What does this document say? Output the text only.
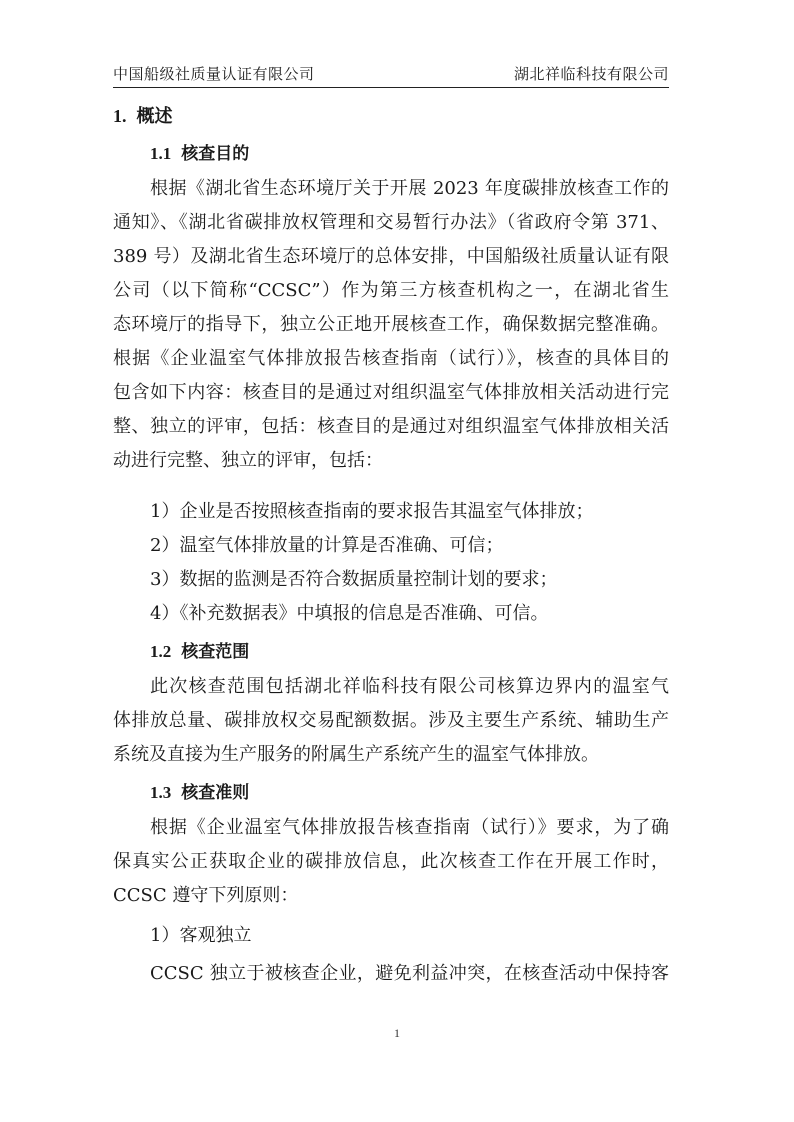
中国船级社质量认证有限公司	湖北祥临科技有限公司
1. 概述
1.1 核查目的
根据《湖北省生态环境厅关于开展 2023 年度碳排放核查工作的
通知》、《湖北省碳排放权管理和交易暂行办法》（省政府令第 371、
389 号）及湖北省生态环境厅的总体安排，中国船级社质量认证有限
公司（以下简称“CCSC”）作为第三方核查机构之一，在湖北省生
态环境厅的指导下，独立公正地开展核查工作，确保数据完整准确。
根据《企业温室气体排放报告核查指南（试行）》，核查的具体目的
包含如下内容：核查目的是通过对组织温室气体排放相关活动进行完
整、独立的评审，包括：核查目的是通过对组织温室气体排放相关活
动进行完整、独立的评审，包括：
1）企业是否按照核查指南的要求报告其温室气体排放；
2）温室气体排放量的计算是否准确、可信；
3）数据的监测是否符合数据质量控制计划的要求；
4）《补充数据表》中填报的信息是否准确、可信。
1.2 核查范围
此次核查范围包括湖北祥临科技有限公司核算边界内的温室气
体排放总量、碳排放权交易配额数据。涉及主要生产系统、辅助生产
系统及直接为生产服务的附属生产系统产生的温室气体排放。
1.3 核查准则
根据《企业温室气体排放报告核查指南（试行）》要求，为了确
保真实公正获取企业的碳排放信息，此次核查工作在开展工作时，
CCSC 遵守下列原则：
1）客观独立
CCSC 独立于被核查企业，避免利益冲突，在核查活动中保持客
1
